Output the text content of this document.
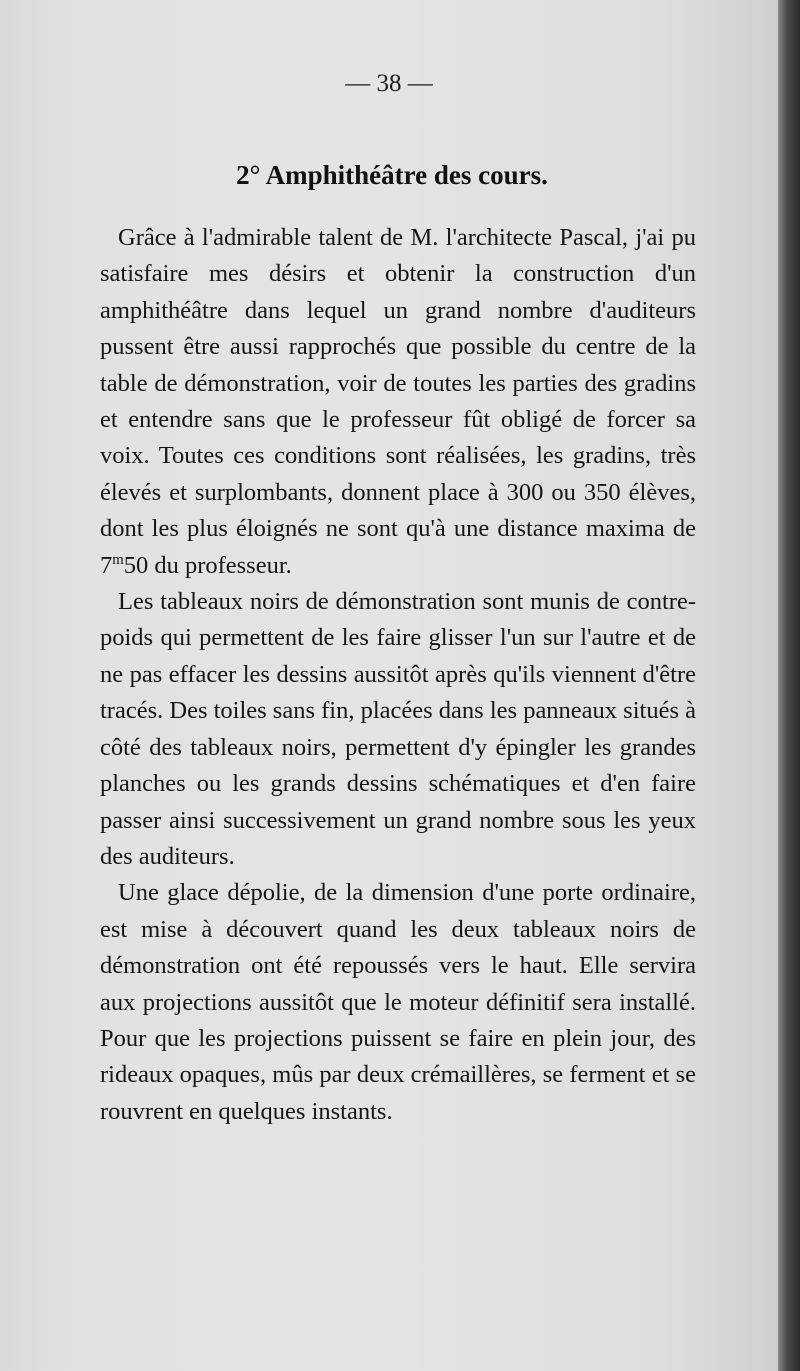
— 38 —
2° Amphithéâtre des cours.

Grâce à l'admirable talent de M. l'architecte Pascal, j'ai pu satisfaire mes désirs et obtenir la construction d'un amphithéâtre dans lequel un grand nombre d'auditeurs pussent être aussi rapprochés que possible du centre de la table de démonstration, voir de toutes les parties des gradins et entendre sans que le professeur fût obligé de forcer sa voix. Toutes ces conditions sont réalisées, les gradins, très élevés et surplombants, donnent place à 300 ou 350 élèves, dont les plus éloignés ne sont qu'à une distance maxima de 7$^m$50 du professeur.

Les tableaux noirs de démonstration sont munis de contre-poids qui permettent de les faire glisser l'un sur l'autre et de ne pas effacer les dessins aussitôt après qu'ils viennent d'être tracés. Des toiles sans fin, placées dans les panneaux situés à côté des tableaux noirs, permettent d'y épingler les grandes planches ou les grands dessins schématiques et d'en faire passer ainsi successivement un grand nombre sous les yeux des auditeurs.

Une glace dépolie, de la dimension d'une porte ordinaire, est mise à découvert quand les deux tableaux noirs de démonstration ont été repoussés vers le haut. Elle servira aux projections aussitôt que le moteur définitif sera installé. Pour que les projections puissent se faire en plein jour, des rideaux opaques, mûs par deux crémaillères, se ferment et se rouvrent en quelques instants.
